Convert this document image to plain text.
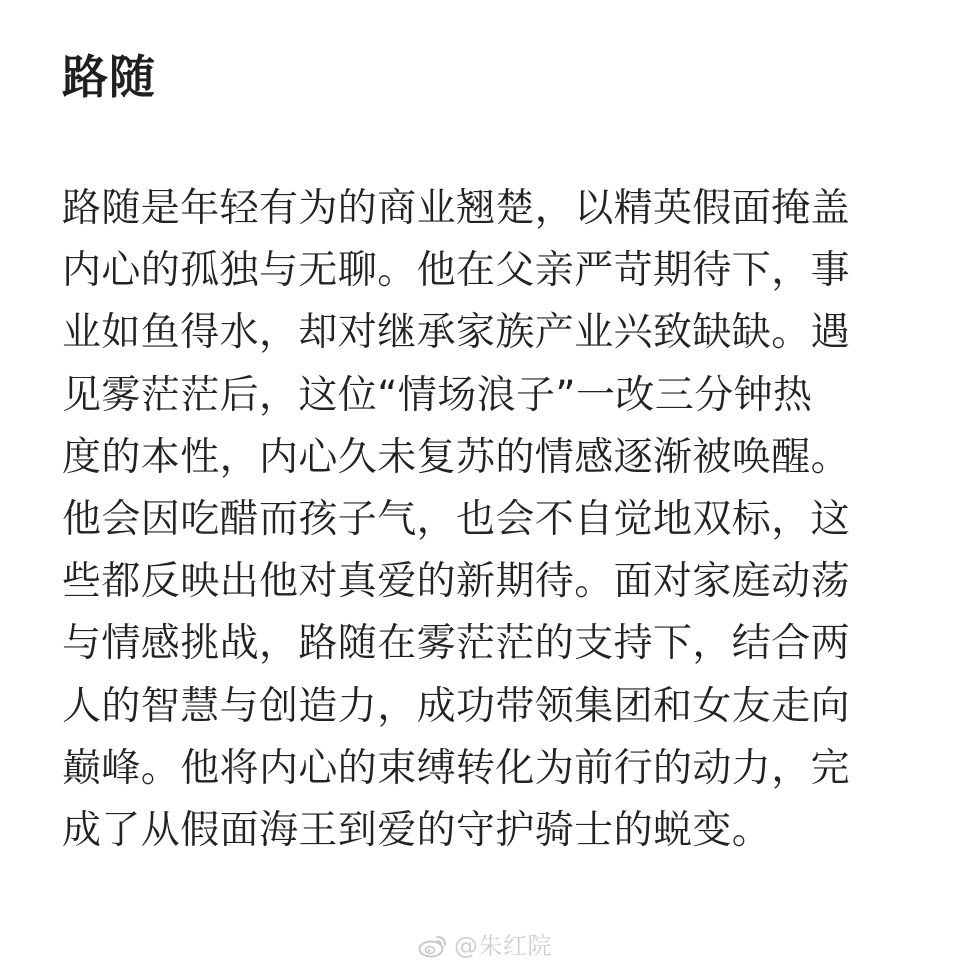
路随
路随是年轻有为的商业翘楚，以精英假面掩盖
内心的孤独与无聊。他在父亲严苛期待下，事
业如鱼得水，却对继承家族产业兴致缺缺。遇
见雾茫茫后，这位“情场浪子”一改三分钟热
度的本性，内心久未复苏的情感逐渐被唤醒。
他会因吃醋而孩子气，也会不自觉地双标，这
些都反映出他对真爱的新期待。面对家庭动荡
与情感挑战，路随在雾茫茫的支持下，结合两
人的智慧与创造力，成功带领集团和女友走向
巅峰。他将内心的束缚转化为前行的动力，完
成了从假面海王到爱的守护骑士的蜕变。
@朱红院
